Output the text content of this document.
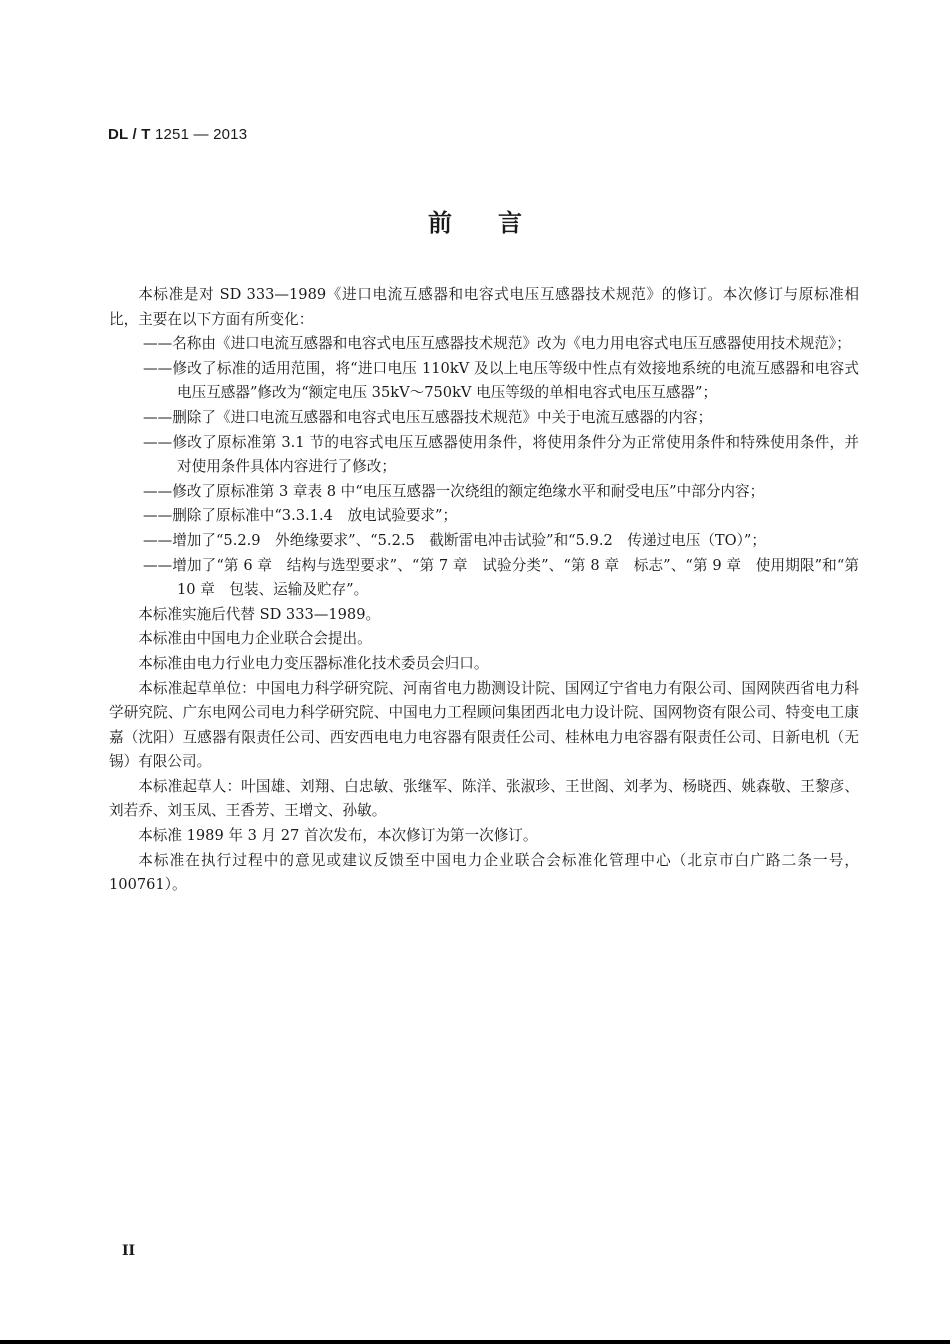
DL / T 1251 — 2013
前言

本标准是对 SD 333—1989《进口电流互感器和电容式电压互感器技术规范》的修订。本次修订与原标准相比，主要在以下方面有所变化：

——名称由《进口电流互感器和电容式电压互感器技术规范》改为《电力用电容式电压互感器使用技术规范》；

——修改了标准的适用范围，将“进口电压 110kV 及以上电压等级中性点有效接地系统的电流互感器和电容式电压互感器”修改为“额定电压 35kV～750kV 电压等级的单相电容式电压互感器”；

——删除了《进口电流互感器和电容式电压互感器技术规范》中关于电流互感器的内容；

——修改了原标准第 3.1 节的电容式电压互感器使用条件，将使用条件分为正常使用条件和特殊使用条件，并对使用条件具体内容进行了修改；

——修改了原标准第 3 章表 8 中“电压互感器一次绕组的额定绝缘水平和耐受电压”中部分内容；

——删除了原标准中“3.3.1.4　放电试验要求”；

——增加了“5.2.9　外绝缘要求”、“5.2.5　截断雷电冲击试验”和“5.9.2　传递过电压（TO）”；

——增加了“第 6 章　结构与选型要求”、“第 7 章　试验分类”、“第 8 章　标志”、“第 9 章　使用期限”和“第 10 章　包装、运输及贮存”。

本标准实施后代替 SD 333—1989。

本标准由中国电力企业联合会提出。

本标准由电力行业电力变压器标准化技术委员会归口。

本标准起草单位：中国电力科学研究院、河南省电力勘测设计院、国网辽宁省电力有限公司、国网陕西省电力科学研究院、广东电网公司电力科学研究院、中国电力工程顾问集团西北电力设计院、国网物资有限公司、特变电工康嘉（沈阳）互感器有限责任公司、西安西电电力电容器有限责任公司、桂林电力电容器有限责任公司、日新电机（无锡）有限公司。

本标准起草人：叶国雄、刘翔、白忠敏、张继军、陈洋、张淑珍、王世阁、刘孝为、杨晓西、姚森敬、王黎彦、刘若乔、刘玉凤、王香芳、王增文、孙敏。

本标准 1989 年 3 月 27 首次发布，本次修订为第一次修订。

本标准在执行过程中的意见或建议反馈至中国电力企业联合会标准化管理中心（北京市白广路二条一号，100761）。

II
